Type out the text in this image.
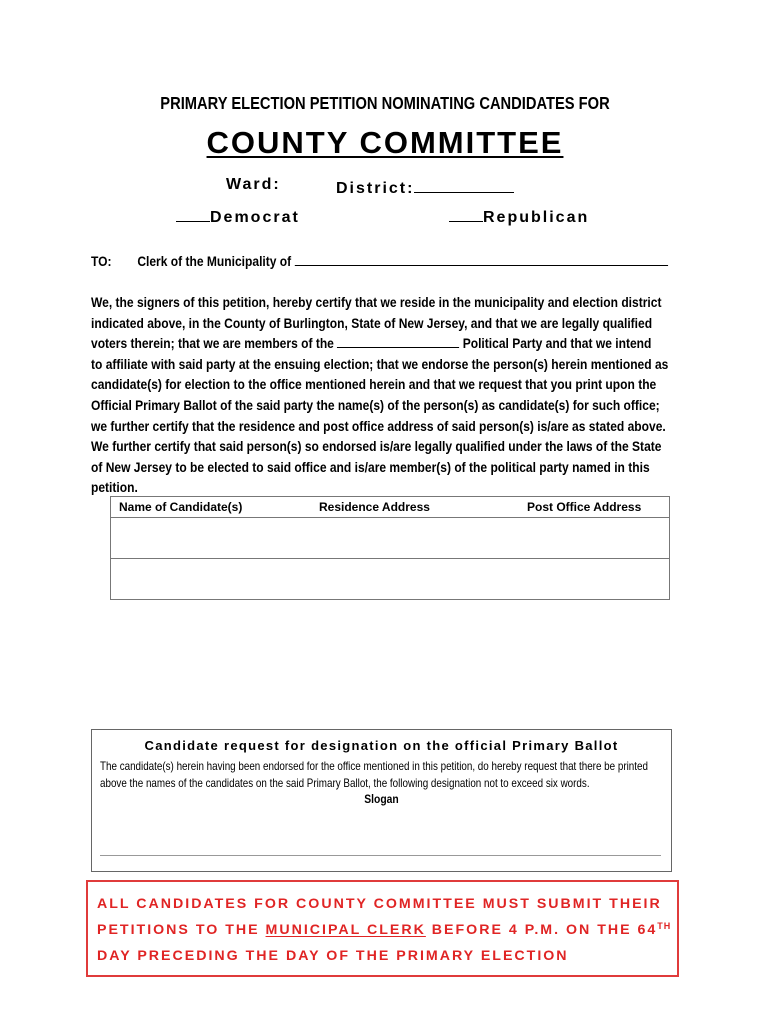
PRIMARY ELECTION PETITION NOMINATING CANDIDATES FOR
COUNTY COMMITTEE
Ward:	District:
Democrat	Republican
TO: Clerk of the Municipality of

We, the signers of this petition, hereby certify that we reside in the municipality and election district
indicated above, in the County of Burlington, State of New Jersey, and that we are legally qualified
voters therein; that we are members of the	Political Party and that we intend
to affiliate with said party at the ensuing election; that we endorse the person(s) herein mentioned as
candidate(s) for election to the office mentioned herein and that we request that you print upon the
Official Primary Ballot of the said party the name(s) of the person(s) as candidate(s) for such office;
we further certify that the residence and post office address of said person(s) is/are as stated above.
We further certify that said person(s) so endorsed is/are legally qualified under the laws of the State
of New Jersey to be elected to said office and is/are member(s) of the political party named in this
petition.

Name of Candidate(s)	Residence Address	Post Office Address

Candidate request for designation on the official Primary Ballot
The candidate(s) herein having been endorsed for the office mentioned in this petition, do hereby request that there be printed
above the names of the candidates on the said Primary Ballot, the following designation not to exceed six words.
Slogan
ALL CANDIDATES FOR COUNTY COMMITTEE MUST SUBMIT THEIR
PETITIONS TO THE MUNICIPAL CLERK BEFORE 4 P.M. ON THE 64TH
DAY PRECEDING THE DAY OF THE PRIMARY ELECTION
